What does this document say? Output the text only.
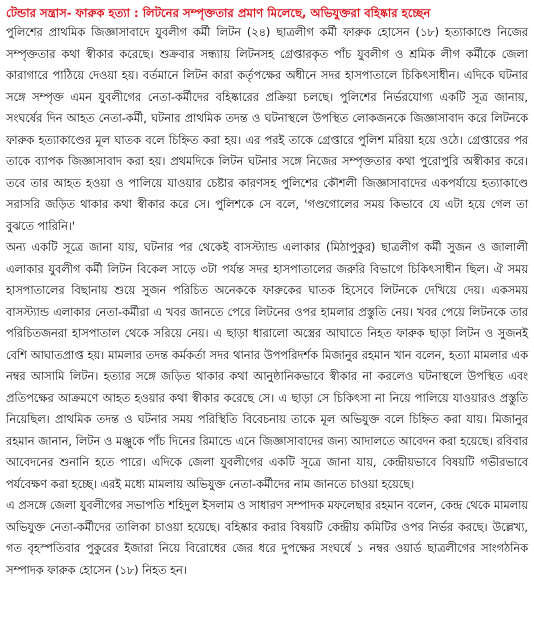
টেন্ডার সন্ত্রাস- ফারুক হত্যা : লিটনের সম্পৃক্ততার প্রমাণ মিলেছে, অভিযুক্তরা বহিষ্কার হচ্ছেন

পুলিশের প্রাথমিক জিজ্ঞাসাবাদে যুবলীগ কর্মী লিটন (২৪) ছাত্রলীগ কর্মী ফারুক হোসেন (১৮) হত্যাকাণ্ডে নিজের সম্পৃক্ততার কথা স্বীকার করেছে। শুক্রবার সন্ধ্যায় লিটনসহ গ্রেপ্তারকৃত পাঁচ যুবলীগ ও শ্রমিক লীগ কর্মীকে জেলা কারাগারে পাঠিয়ে দেওয়া হয়। বর্তমানে লিটন কারা কর্তৃপক্ষের অধীনে সদর হাসপাতালে চিকিৎসাধীন। এদিকে ঘটনার সঙ্গে সম্পৃক্ত এমন যুবলীগের নেতা-কর্মীদের বহিষ্কারের প্রক্রিয়া চলছে। পুলিশের নির্ভরযোগ্য একটি সূত্র জানায়, সংঘর্ষের দিন আহত নেতা-কর্মী, ঘটনার প্রাথমিক তদন্ত ও ঘটনাস্থলে উপস্থিত লোকজনকে জিজ্ঞাসাবাদ করে লিটনকে ফারুক হত্যাকাণ্ডের মূল ঘাতক বলে চিহ্নিত করা হয়। এর পরই তাকে গ্রেপ্তারে পুলিশ মরিয়া হয়ে ওঠে। গ্রেপ্তারের পর তাকে ব্যাপক জিজ্ঞাসাবাদ করা হয়। প্রথমদিকে লিটন ঘটনার সঙ্গে নিজের সম্পৃক্ততার কথা পুরোপুরি অস্বীকার করে। তবে তার আহত হওয়া ও পালিয়ে যাওয়ার চেষ্টার কারণসহ পুলিশের কৌশলী জিজ্ঞাসাবাদের একপর্যায়ে হত্যাকাণ্ডে সরাসরি জড়িত থাকার কথা স্বীকার করে সে। পুলিশকে সে বলে, 'গণ্ডগোলের সময় কিভাবে যে এটা হয়ে গেল তা বুঝতে পারিনি।'

অন্য একটি সূত্রে জানা যায়, ঘটনার পর থেকেই বাসস্ট্যান্ড এলাকার (মিঠাপুকুর) ছাত্রলীগ কর্মী সুজন ও জালালী এলাকার যুবলীগ কর্মী লিটন বিকেল সাড়ে ৩টা পর্যন্ত সদর হাসপাতালের জরুরি বিভাগে চিকিৎসাধীন ছিল। ঐ সময় হাসপাতালের বিছানায় শুয়ে সুজন পরিচিত অনেককে ফারুকের ঘাতক হিসেবে লিটনকে দেখিয়ে দেয়। একসময় বাসস্ট্যান্ড এলাকার নেতা-কর্মীরা এ খবর জানতে পেরে লিটনের ওপর হামলার প্রস্তুতি নেয়। খবর পেয়ে লিটনকে তার পরিচিতজনরা হাসপাতাল থেকে সরিয়ে নেয়। এ ছাড়া ধারালো অস্ত্রের আঘাতে নিহত ফারুক ছাড়া লিটন ও সুজনই বেশি আঘাতপ্রাপ্ত হয়। মামলার তদন্ত কর্মকর্তা সদর থানার উপপরিদর্শক মিজানুর রহমান খান বলেন, হত্যা মামলার এক নম্বর আসামি লিটন। হত্যার সঙ্গে জড়িত থাকার কথা আনুষ্ঠানিকভাবে স্বীকার না করলেও ঘটনাস্থলে উপস্থিত এবং প্রতিপক্ষের আক্রমণে আহত হওয়ার কথা স্বীকার করেছে সে। এ ছাড়া সে চিকিৎসা না নিয়ে পালিয়ে যাওয়ারও প্রস্তুতি নিয়েছিল। প্রাথমিক তদন্ত ও ঘটনার সময় পরিস্থিতি বিবেচনায় তাকে মূল অভিযুক্ত বলে চিহ্নিত করা যায়। মিজানুর রহমান জানান, লিটন ও মঞ্জুকে পাঁচ দিনের রিমান্ডে এনে জিজ্ঞাসাবাদের জন্য আদালতে আবেদন করা হয়েছে। রবিবার আবেদনের শুনানি হতে পারে। এদিকে জেলা যুবলীগের একটি সূত্রে জানা যায়, কেন্দ্রীয়ভাবে বিষয়টি গভীরভাবে পর্যবেক্ষণ করা হচ্ছে। এরই মধ্যে মামলায় অভিযুক্ত নেতা-কর্মীদের নাম জানতে চাওয়া হয়েছে।

এ প্রসঙ্গে জেলা যুবলীগের সভাপতি শহিদুল ইসলাম ও সাধারণ সম্পাদক মফলেছার রহমান বলেন, কেন্দ্র থেকে মামলায় অভিযুক্ত নেতা-কর্মীদের তালিকা চাওয়া হয়েছে। বহিষ্কার করার বিষয়টি কেন্দ্রীয় কমিটির ওপর নির্ভর করছে। উল্লেখ্য, গত বৃহস্পতিবার পুকুরের ইজারা নিয়ে বিরোধের জের ধরে দুপক্ষের সংঘর্ষে ১ নম্বর ওয়ার্ড ছাত্রলীগের সাংগঠনিক সম্পাদক ফারুক হোসেন (১৮) নিহত হন।
